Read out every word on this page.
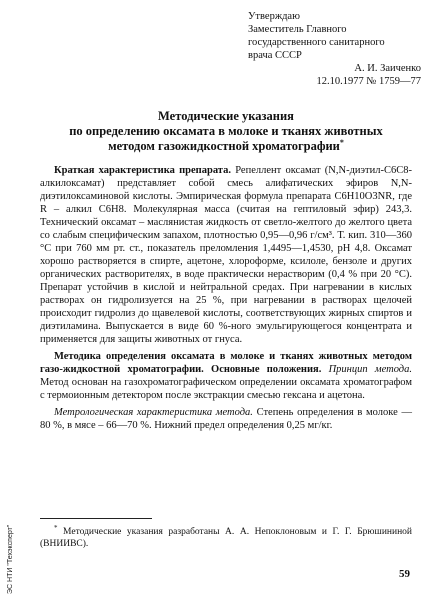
Утверждаю
Заместитель Главного
государственного санитарного
врача СССР
А. И. Заиченко
12.10.1977 № 1759—77
Методические указания
по определению оксамата в молоке и тканях животных
методом газожидкостной хроматографии*

Краткая характеристика препарата. Репеллент оксамат (N,N-диэтил-C6C8-алкилоксамат) представляет собой смесь алифатических эфиров N,N-диэтилоксаминовой кислоты. Эмпирическая формула препарата C6H10O3NR, где R – алкил C6H8. Молекулярная масса (считая на гептиловый эфир) 243,3. Технический оксамат – маслянистая жидкость от светло-желтого до желтого цвета со слабым специфическим запахом, плотностью 0,95—0,96 г/см³. Т. кип. 310—360 °С при 760 мм рт. ст., показатель преломления 1,4495—1,4530, рН 4,8. Оксамат хорошо растворяется в спирте, ацетоне, хлороформе, ксилоле, бензоле и других органических растворителях, в воде практически нерастворим (0,4 % при 20 °С). Препарат устойчив в кислой и нейтральной средах. При нагревании в кислых растворах он гидролизуется на 25 %, при нагревании в растворах щелочей происходит гидролиз до щавелевой кислоты, соответствующих жирных спиртов и диэтиламина. Выпускается в виде 60 %-ного эмульгирующегося концентрата и применяется для защиты животных от гнуса.

Методика определения оксамата в молоке и тканях животных методом газо-жидкостной хроматографии. Основные положения. Принцип метода. Метод основан на газохроматографическом определении оксамата хроматографом с термоионным детектором после экстракции смесью гексана и ацетона.

Метрологическая характеристика метода. Степень определения в молоке — 80 %, в мясе – 66—70 %. Нижний предел определения 0,25 мг/кг.

* Методические указания разработаны А. А. Непоклоновым и Г. Г. Брюшининой (ВНИИВС).
59
ЭС НТИ "Техэксперт"
